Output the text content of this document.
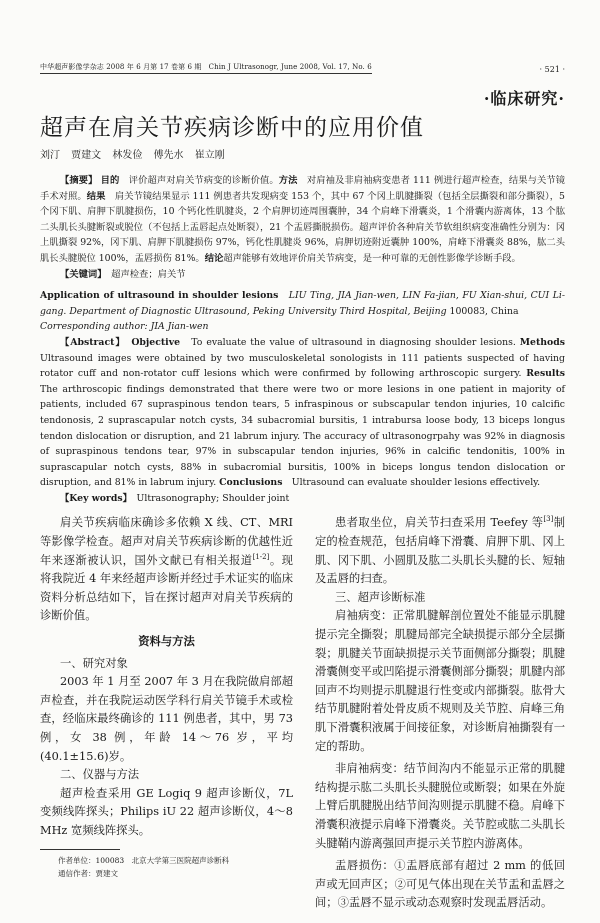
中华超声影像学杂志 2008 年 6 月第 17 卷第 6 期　Chin J Ultrasonogr, June 2008, Vol. 17, No. 6	· 521 ·
·临床研究·
超声在肩关节疾病诊断中的应用价值
刘汀 贾建文 林发俭 傅先水 崔立刚
【摘要】 目的　 评价超声对肩关节病变的诊断价值。方法　 对肩袖及非肩袖病变患者 111 例进行超声检查，结果与关节镜手术对照。结果　 肩关节镜结果显示 111 例患者共发现病变 153 个，其中 67 个冈上肌腱撕裂（包括全层撕裂和部分撕裂），5 个冈下肌、肩胛下肌腱损伤，10 个钙化性肌腱炎，2 个肩胛切迹周围囊肿，34 个肩峰下滑囊炎，1 个滑囊内游离体，13 个肱二头肌长头腱断裂或脱位（不包括上盂唇起点处断裂），21 个盂唇撕脱损伤。超声评价各种肩关节软组织病变准确性分别为：冈上肌撕裂 92%，冈下肌、肩胛下肌腱损伤 97%，钙化性肌腱炎 96%，肩胛切迹附近囊肿 100%，肩峰下滑囊炎 88%，肱二头肌长头腱脱位 100%，盂唇损伤 81%。结论超声能够有效地评价肩关节病变，是一种可靠的无创性影像学诊断手段。
【关键词】　 超声检查；肩关节
Application of ultrasound in shoulder lesions　 LIU Ting, JIA Jian-wen, LIN Fa-jian, FU Xian-shui, CUI Li-gang. Department of Diagnostic Ultrasound, Peking University Third Hospital, Beijing 100083, China
Corresponding author: JIA Jian-wen
【Abstract】　 Objective　 To evaluate the value of ultrasound in diagnosing shoulder lesions. Methods Ultrasound images were obtained by two musculoskeletal sonologists in 111 patients suspected of having rotator cuff and non-rotator cuff lesions which were confirmed by following arthroscopic surgery. Results　The arthroscopic findings demonstrated that there were two or more lesions in one patient in majority of patients, included 67 supraspinous tendon tears, 5 infraspinous or subscapular tendon injuries, 10 calcific tendonosis, 2 suprascapular notch cysts, 34 subacromial bursitis, 1 intrabursa loose body, 13 biceps longus tendon dislocation or disruption, and 21 labrum injury. The accuracy of ultrasonogrpahy was 92% in diagnosis of supraspinous tendons tear, 97% in subscapular tendon injuries, 96% in calcific tendonitis, 100% in suprascapular notch cysts, 88% in subacromial bursitis, 100% in biceps longus tendon dislocation or disruption, and 81% in labrum injury. Conclusions　 Ultrasound can evaluate shoulder lesions effectively.
【Key words】　 Ultrasonography; Shoulder joint

肩关节疾病临床确诊多依赖 X 线、CT、MRI 等影像学检查。超声对肩关节疾病诊断的优越性近年来逐渐被认识，国外文献已有相关报道[1-2]。现将我院近 4 年来经超声诊断并经过手术证实的临床资料分析总结如下，旨在探讨超声对肩关节疾病的诊断价值。

资料与方法

一、研究对象

2003 年 1 月至 2007 年 3 月在我院做肩部超声检查，并在我院运动医学科行肩关节镜手术或检查，经临床最终确诊的 111 例患者，其中，男 73 例，女 38 例，年龄 14～76 岁，平均(40.1±15.6)岁。

二、仪器与方法

超声检查采用 GE Logiq 9 超声诊断仪，7L 变频线阵探头；Philips iU 22 超声诊断仪，4～8 MHz 宽频线阵探头。

作者单位：100083　北京大学第三医院超声诊断科
通信作者：贾建文

患者取坐位，肩关节扫查采用 Teefey 等[3]制定的检查规范，包括肩峰下滑囊、肩胛下肌、冈上肌、冈下肌、小圆肌及肱二头肌长头腱的长、短轴及盂唇的扫查。

三、超声诊断标准

肩袖病变：正常肌腱解剖位置处不能显示肌腱提示完全撕裂；肌腱局部完全缺损提示部分全层撕裂；肌腱关节面缺损提示关节面侧部分撕裂；肌腱滑囊侧变平或凹陷提示滑囊侧部分撕裂；肌腱内部回声不均则提示肌腱退行性变或内部撕裂。肱骨大结节肌腱附着处骨皮质不规则及关节腔、肩峰三角肌下滑囊积液属于间接征象，对诊断肩袖撕裂有一定的帮助。

非肩袖病变：结节间沟内不能显示正常的肌腱结构提示肱二头肌长头腱脱位或断裂；如果在外旋上臂后肌腱脱出结节间沟则提示肌腱不稳。肩峰下滑囊积液提示肩峰下滑囊炎。关节腔或肱二头肌长头腱鞘内游离强回声提示关节腔内游离体。

盂唇损伤：①盂唇底部有超过 2 mm 的低回声或无回声区；②可见气体出现在关节盂和盂唇之间；③盂唇不显示或动态观察时发现盂唇活动。
